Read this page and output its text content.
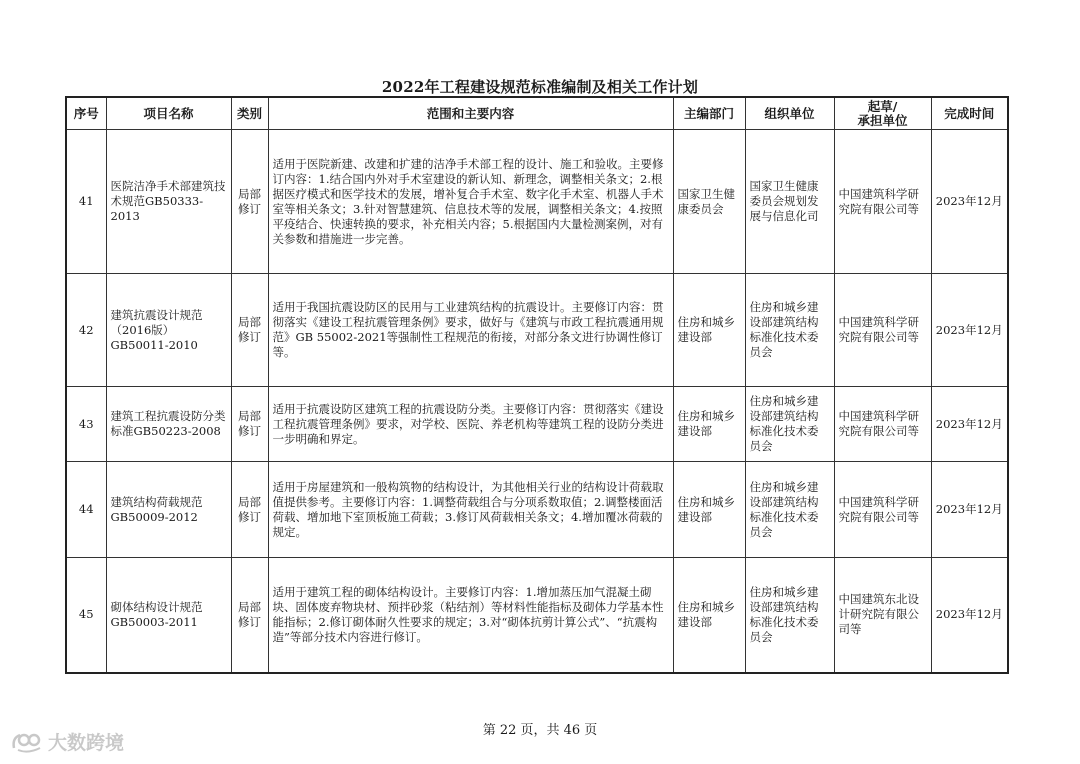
2022年工程建设规范标准编制及相关工作计划
序号	项目名称	类别	范围和主要内容	主编部门	组织单位	起草/
承担单位	完成时间
41	医院洁净手术部建筑技术规范GB50333-2013	局部修订	适用于医院新建、改建和扩建的洁净手术部工程的设计、施工和验收。主要修订内容：1.结合国内外对手术室建设的新认知、新理念，调整相关条文；2.根据医疗模式和医学技术的发展，增补复合手术室、数字化手术室、机器人手术室等相关条文；3.针对智慧建筑、信息技术等的发展，调整相关条文；4.按照平疫结合、快速转换的要求，补充相关内容；5.根据国内大量检测案例，对有关参数和措施进一步完善。	国家卫生健康委员会	国家卫生健康委员会规划发展与信息化司	中国建筑科学研究院有限公司等	2023年12月
42	建筑抗震设计规范（2016版）GB50011-2010	局部修订	适用于我国抗震设防区的民用与工业建筑结构的抗震设计。主要修订内容：贯彻落实《建设工程抗震管理条例》要求，做好与《建筑与市政工程抗震通用规范》GB 55002-2021等强制性工程规范的衔接，对部分条文进行协调性修订等。	住房和城乡建设部	住房和城乡建设部建筑结构标准化技术委员会	中国建筑科学研究院有限公司等	2023年12月
43	建筑工程抗震设防分类标准GB50223-2008	局部修订	适用于抗震设防区建筑工程的抗震设防分类。主要修订内容：贯彻落实《建设工程抗震管理条例》要求，对学校、医院、养老机构等建筑工程的设防分类进一步明确和界定。	住房和城乡建设部	住房和城乡建设部建筑结构标准化技术委员会	中国建筑科学研究院有限公司等	2023年12月
44	建筑结构荷载规范GB50009-2012	局部修订	适用于房屋建筑和一般构筑物的结构设计，为其他相关行业的结构设计荷载取值提供参考。主要修订内容：1.调整荷载组合与分项系数取值；2.调整楼面活荷载、增加地下室顶板施工荷载；3.修订风荷载相关条文；4.增加覆冰荷载的规定。	住房和城乡建设部	住房和城乡建设部建筑结构标准化技术委员会	中国建筑科学研究院有限公司等	2023年12月
45	砌体结构设计规范GB50003-2011	局部修订	适用于建筑工程的砌体结构设计。主要修订内容：1.增加蒸压加气混凝土砌块、固体废弃物块材、预拌砂浆（粘结剂）等材料性能指标及砌体力学基本性能指标；2.修订砌体耐久性要求的规定；3.对“砌体抗剪计算公式”、“抗震构造”等部分技术内容进行修订。	住房和城乡建设部	住房和城乡建设部建筑结构标准化技术委员会	中国建筑东北设计研究院有限公司等	2023年12月
第 22 页，共 46 页
大数跨境
